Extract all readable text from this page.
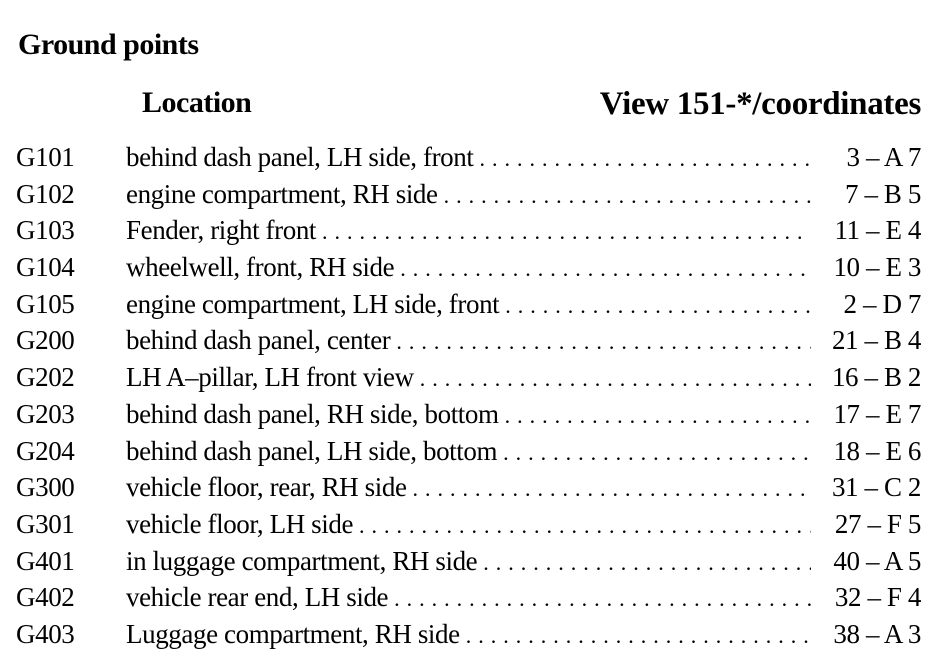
Ground points
Location	View 151-*/coordinates
G101	behind dash panel, LH side, front . . .	3 – A 7
G102	engine compartment, RH side . . .	7 – B 5
G103	Fender, right front . . .	11 – E 4
G104	wheelwell, front, RH side . . .	10 – E 3
G105	engine compartment, LH side, front . . .	2 – D 7
G200	behind dash panel, center . . .	21 – B 4
G202	LH A–pillar, LH front view . . .	16 – B 2
G203	behind dash panel, RH side, bottom . . .	17 – E 7
G204	behind dash panel, LH side, bottom . . .	18 – E 6
G300	vehicle floor, rear, RH side . . .	31 – C 2
G301	vehicle floor, LH side . . .	27 – F 5
G401	in luggage compartment, RH side . . .	40 – A 5
G402	vehicle rear end, LH side . . .	32 – F 4
G403	Luggage compartment, RH side . . .	38 – A 3
